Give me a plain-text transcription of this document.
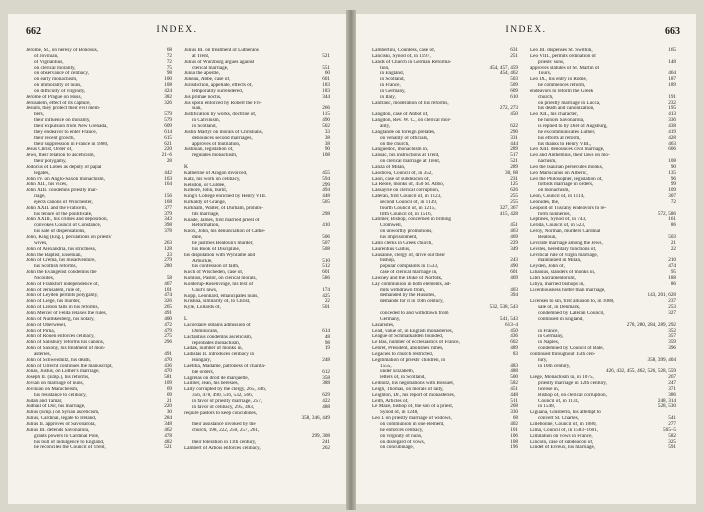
662	INDEX.
Jerome, St., on heresy of Bonosus,	68
of Jovinian,	72
of Vigilantius,	72
on clerical morality,	75
on observance of celibacy,	98
on early monachism,	100
on immorality of nuns,	108
on difficulty of virginity,	424
Jerome of Prague on Huss,	382
Jerusalem, effect of its capture,	326
Jesuits, they protect their evil mem-
bers,	579
their influence on morality,	579
their expulsion from New Grenada,	609
they endeavor to enter France,	614
their recent growth,	615
their suppression in France in 1880,	621
Jesus Christ, Order of,	220
Jews, their relation to asceticism,	21–6
their polygamy,	28
Jodocus of Lobes as deputy of papal
legates,	442
John IV. on Anglo-Saxon monachism,	163
John XII., his vices,	164
John XIII. condemns priestly mar-
riage,	156
ejects canons of Winchester,	168
John XXII. and the Fraticelli,	377
his tenure of the pontificate,	379
John XXIII., his crimes and deposition,	343
convokes Council of Constance,	398
his sale of dispensations,	378
John, King (Eng.), peculations on priests'
wives,	263
John of Alexandria, his strictness,	128
John the Baptist, Essenian,	23
John of Crema, his misadventure,	279
his Scottish reforms,	280
John the Evangelist condemns the
Nicolites,	58
John of Frankfort independence of,	467
John of Jerusalem, rule of,	101
John of Leyden permits polygamy,	474
John of Liége, his murder,	326
John of Lisbon falls in his reforms,	265
John Mercer of Felda relaxes the rules,	491
John of Nuithkesberg, his notary,	400
John of Oberwesel,	472
John of Pirna,	479
John of Rouen enforces celibacy,	275
John of Salisbury reforms his canons,	296
John of Saxony, his treatment of mon-
asteries,	491
John of Schweidnitz, his death,	470
John of Utrecht continues the manuscript,	436
Jonas, Justus, on Luther's marriage,	470
Joseph II. (Emp.), his reforms,	581
Jovian on marriage of nuns,	109
Jovinian on Manicheism,	69
his resistance to celibacy,	69
Judah and Tamar,	21
Judhail of Dol, his marriage,	220
Julius (Emp.) on Syrian asceticism,	30
Julius, Cardinal, legate to Ireland,	284
Julius II. approves of Savonarola,	348
Julius III. defends Savonarola,	462
grants powers to Cardinal Pole,	478
his bull of indulgence to England,	482
he reconciles the Council of Trent,	521
Julius III. on treatment of Lutherans
at Trent,	521
Julius of Wurzburg argues against
clerical marriage,	551
Junia the apostle,	60
Juneau, Abbé, case of,	601
Jurisdiction, appellate, effects of,	183
temporality surrendered,	183
Jus primae noctis,	344
Jus spolii enforced by Robert the Fri-
sian,	266
Justification by works, doctrine of,	115
in Calvinism,	490
in Scotland,	502
Justin Martyr on morals of Christians,	33
denounces second marriages,	38
approves of mutilation,	38
Justinian, legislation of,	90
regulates monachism,	108
K
Katherine of Aragon divorced,	455
Katz, his work on celibacy,	594
Kelsdon, or Culdee,	299
Kilbore, John, burnt,	494
King's College enriched by Henry VIII.	448
Kirkaldy of Grange,	505
Kirkham, Walter, of Durham, prohibi-
tits marriage,	298
Knade, James, first married priest of
Reformation,	410
Knox, John, his denunciation of Cathe-
dine,	506
he justifies Beatoun's murder,	507
his Book of Discipline,	508
his disputation with Wynrame and
Arbuckle,	510
his confession of faith,	512
Koch of Wischeden, case of,	601
Kohlius, Pastor, on clerical morals,	586
Kolderup-Rosenvinge, his text of
Cnut's laws,	174
Kopp, Leonhard, emancipates nuns,	425
Krishna, similarity of, to Christ,	22
Kyle, Lollards of,	501
L
Lacordaire obtains admission of
Dominicans,	614
Lactantius condemns asceticism,	48
reprobates monachism,	98
Ladak, number of monks in,	19
Ladislas II. introduces celibacy in
Hungary,	248
Laetitia, Madame, patroness of charita-
ble orders,	612
Lagrelas on droit de marquette,	358
Laillier, Jean, his heresies,	388
Laity corrupted by the clergy, 265, 346,
356, 478, 490, 516, 532, 566,	629
in favor of priestly marriage, 257,	422
in favor of celibacy, 295, 483,	488
require pastors to keep concubines,
358, 346, 449
their assistance invoked by the
church, 198, 222, 250, 257, 261,
299, 308
their toleration in 11th century,	241
Lambert of Arbois enforces celibacy,	262
663
INDEX.
Lambertini, Countess, case of,	631
Lanciski, Synod of, in 1197,	251
Lands of Church in German Reforma-
tion,	454, 457, 459
in England,	454, 462
in Scotland,	503
in France,	509
in Germany,	609
in Italy,	610
Lanfranc, moderation of his reforms,
272, 273
Langdon, case of Abbot of,	450
Langdon, Rev. W. C., on clerical mor-
ality,	622
Langlande on foreign prelates,	290
on venality of officials,	331
on the church,	444
Languedoc, monachism in,	289
Lansac, his instructions at Trent,	517
on clerical marriage at Trent,	521
Lanza of Milan,	289
Laodicea, Council of, in 352,	30, 68
Laon, case of subdeacon of,	231
La Réole, monks of, 450 St. Abbo,	125
Lassayrie on clerical corruption,	626
Lateran, first Council of, in 1123,	255
second Council of, in 1139,	255
fourth Council of, in 1215,	327, 367
fifth Council of, in 1516,	415, 428
Latimer, Bishop, concerned in bribing
Cromwell,	451
on unworthy promotions,	463
his imprisonment,	469
Latin clerks in Greek church,	229
Laurentius Gallus,	349
Lausanne, clergy of, drive out their
bishop,	243
popular complaints in 1533,	490
case of clerical marriage in,	601
Lawney and the Duke of Norfolk,	469
Lay communion in both elements, ad-
mits withdrawn from,	403
demanded by the Hussites,	394
demands for it in 16th century,
532, 538, 543
conceded to and withdrawn from
Germany,	541, 543
Lazaristes,	613–4
Lead, value of, in English monasteries,	450
League of Schmalkalden founded,	436
Le Bas, number of ecclesiastics of France,	602
Lebret, Président, abolishes rimes,	489
Legacies to church restricted,	83
Legitimation of priests' children, in
1555,	483
under Elizabeth,	488
letters of, in Scotland,	500
Leibnitz, his negotiations with Bossuet,	582
Leigh, Thomas, on morals of laity,	451
Leighton, Dr., his report of monasteries,	448
Leith, Articles of,	511
Le Maze, bishop of, the son of a priest,	268
Synod of, in 1248,	330
Leo I. on priestly marriage of widows,	68
on communion in one element,	402
he enforces celibacy,	101
on virginity of nuns,	106
on disregard of vows,	108
on concubinage,	196
Leo III. dispenses St. Swithin,	165
Leo VIII., permits ordination of
priests' sons,	148
approves statutes of St. Martin of
Tours,	464
Leo IX., his entry in Rome,	187
he commences reform,	189
endeavors to reform the Greek
church,	191
on priestly marriage in Lucca,	232
his death and canonization,	195
Leo XII., his character,	413
he honors Savonarola,	336
is replied to by Diet of Augsburg,	438
he excommunicates Luther,	419
his efforts at reform,	428
his thanks to Henry VIII.,	463
Leo XIII. denounces civil marriage,	606
Leo and Anthemius, their laws on mo-
nachism,	108
Leo the Isaurian persecutes monks,	90
Leo Marsicanus on Alberic,	135
Leo the Philosopher, legislation of,	96
forbids marriage in orders,	99
on monachism,	109
Leon, Council of, in 1114,	307
Leonides, the,	72
Leopold of Tuscany endeavors to re-
form nunneries,	572, 586
Leptines, Synod of, in 743,	161
Lérida, Council of, in 523,	86
Leroy, Norman, murders Cardinal
Beatoun,	503
Levirate marriage among the Jews,	21
Levites, hereditary functions of,	22
Levitical rule of virgin marriage,
maintained in Milan,	210
Leyden, John of,	474
Libanius, slanders of monks in,	95
Libri Sacramentorum,	188
Libya, married bishops in,	86
Licentiousness hotter than marriage,
143, 201, 628
Licenses to sin, first allusion to, in 1088,	237
sale of, in Denmark,	253
condemned by Lateran Council,	327
continued in England,
278, 280, 284, 289, 292
in France,	352
in Germany,	357
in Naples,	359
condemned by Council of Bâle,	396
continued throughout 15th cen-
tury,	358, 399, 404
in 16th century,
426, 432, 455, 462, 526, 528, 559
Liège, Monachism in, in 1075,	267
priestly marriage in 12th century,	247
license in,	371
Bishop of, on clerical corruption,	386
Council of, in 1131,	248, 314
in 1548,	528, 530
Liguana, Ghisberto, his attempt to
convert St. Charles,	541
Lillebonne, Council of, in 1080,	277
Lima, Council of, in 1583–1601,	565–5
Limitation on vows in France,	582
Lincoln, case of subdeacon of,	325
Lindet of Evreux, his marriage,	591
